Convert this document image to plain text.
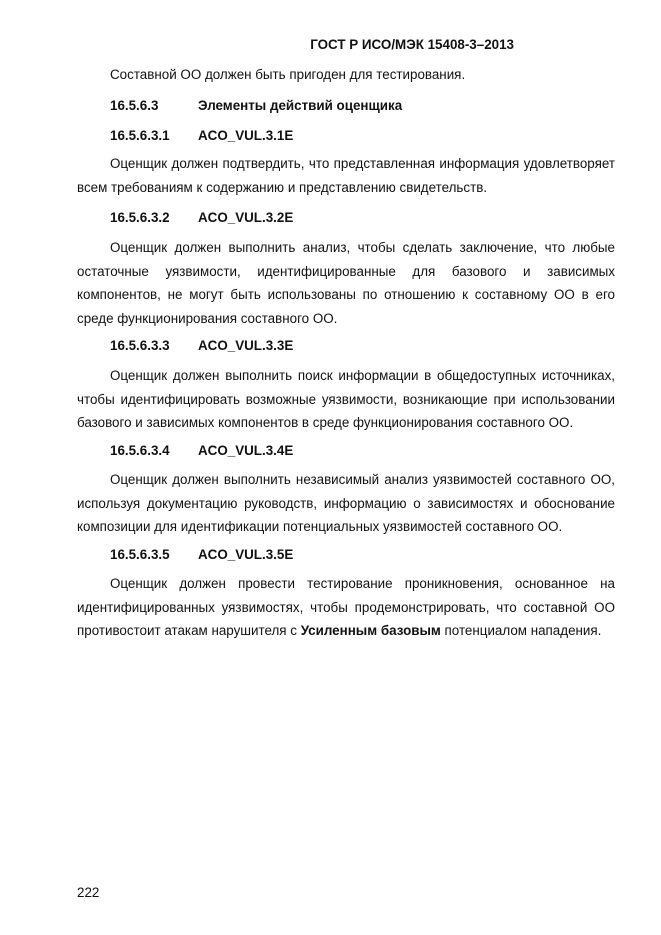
ГОСТ Р ИСО/МЭК 15408-3–2013

Составной ОО должен быть пригоден для тестирования.

16.5.6.3	Элементы действий оценщика
16.5.6.3.1 ACO_VUL.3.1E

Оценщик должен подтвердить, что представленная информация удовлетворяет всем требованиям к содержанию и представлению свидетельств.

16.5.6.3.2 ACO_VUL.3.2E

Оценщик должен выполнить анализ, чтобы сделать заключение, что любые остаточные уязвимости, идентифицированные для базового и зависимых компонентов, не могут быть использованы по отношению к составному ОО в его среде функционирования составного ОО.

16.5.6.3.3 ACO_VUL.3.3E

Оценщик должен выполнить поиск информации в общедоступных источниках, чтобы идентифицировать возможные уязвимости, возникающие при использовании базового и зависимых компонентов в среде функционирования составного ОО.

16.5.6.3.4 ACO_VUL.3.4E

Оценщик должен выполнить независимый анализ уязвимостей составного ОО, используя документацию руководств, информацию о зависимостях и обоснование композиции для идентификации потенциальных уязвимостей составного ОО.

16.5.6.3.5 ACO_VUL.3.5E

Оценщик должен провести тестирование проникновения, основанное на идентифицированных уязвимостях, чтобы продемонстрировать, что составной ОО противостоит атакам нарушителя с Усиленным базовым потенциалом нападения.

222
